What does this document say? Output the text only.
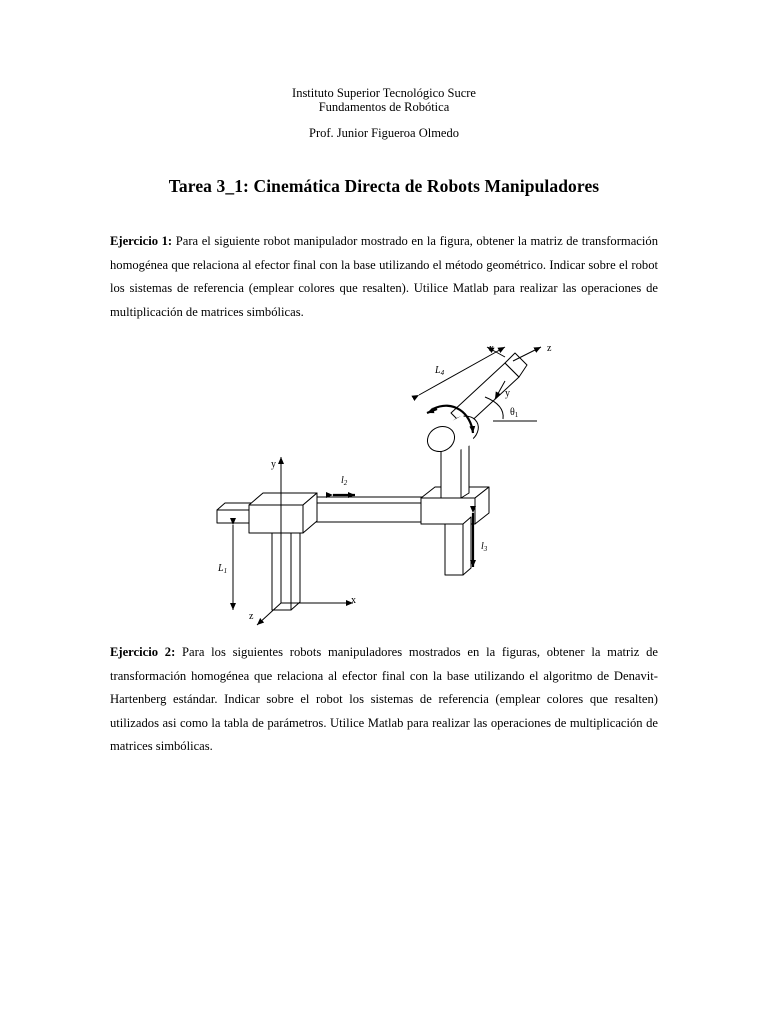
Instituto Superior Tecnológico Sucre
Fundamentos de Robótica
Prof. Junior Figueroa Olmedo
Tarea 3_1: Cinemática Directa de Robots Manipuladores
Ejercicio 1: Para el siguiente robot manipulador mostrado en la figura, obtener la matriz de transformación homogénea que relaciona al efector final con la base utilizando el método geométrico. Indicar sobre el robot los sistemas de referencia (emplear colores que resalten). Utilice Matlab para realizar las operaciones de multiplicación de matrices simbólicas.
y
x
z
$L_1$
$l_2$
$l_3$
$L_4$
x	z
y
$\theta_1$
Ejercicio 2: Para los siguientes robots manipuladores mostrados en la figuras, obtener la matriz de transformación homogénea que relaciona al efector final con la base utilizando el algoritmo de Denavit-Hartenberg estándar. Indicar sobre el robot los sistemas de referencia (emplear colores que resalten) utilizados asi como la tabla de parámetros. Utilice Matlab para realizar las operaciones de multiplicación de matrices simbólicas.
